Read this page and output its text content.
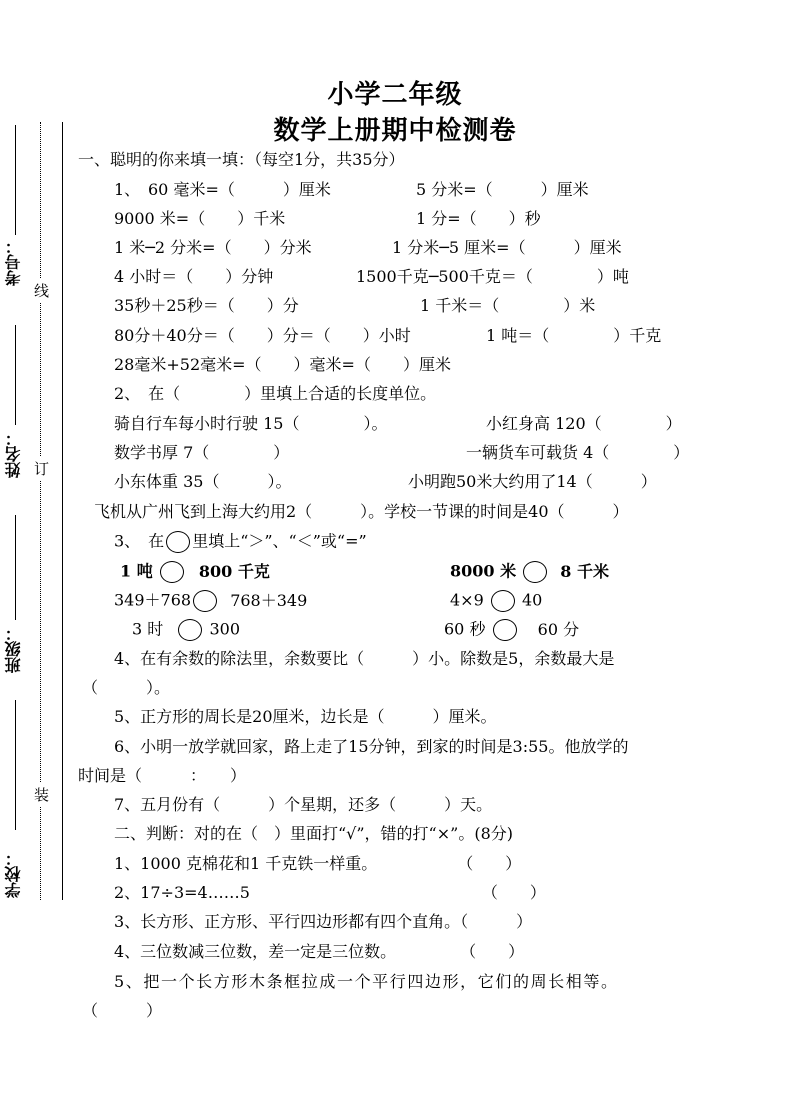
考号：
姓名：
班级：
学校：
线
订
装
小学二年级
数学上册期中检测卷
一、聪明的你来填一填：（每空1分，共35分）
1、 60 毫米=（　　　）厘米	5 分米=（　　　）厘米
9000 米=（　　）千米	1 分=（　　）秒
1 米─2 分米=（　　）分米	1 分米─5 厘米=（　　　）厘米
4 小时＝（　　）分钟	1500千克─500千克＝（　　　　）吨
35秒＋25秒＝（　　）分	1 千米＝（　　　　）米
80分＋40分＝（　　）分＝（　　）小时	1 吨＝（　　　　）千克
28毫米+52毫米=（　　）毫米=（　　）厘米
2、　在（　　　　）里填上合适的长度单位。
骑自行车每小时行驶 15（　　　　）。	小红身高 120（　　　　）
数学书厚 7（　　　　）	一辆货车可载货 4（　　　　）
小东体重 35（　　　）。	小明跑50米大约用了14（　　　）
飞机从广州飞到上海大约用2（　　　）。学校一节课的时间是40（　　　）
3、　在 里填上“＞”、“＜”或“=”
1 吨	800 千克	8000 米	8 千米
349＋768 768＋349	4×9 40
3 时	300	60 秒	60 分
4、在有余数的除法里，余数要比（　　　）小。除数是5，余数最大是
（　　　）。
5、正方形的周长是20厘米，边长是（　　　）厘米。
6、小明一放学就回家，路上走了15分钟，到家的时间是3:55。他放学的
时间是（　　　：　　）
7、五月份有（　　　）个星期，还多（　　　）天。
二、判断：对的在（　）里面打“√”，错的打“×”。(8分)
1、1000 克棉花和1 千克铁一样重。　　　　　　（　　）
2、17÷3=4……5　　　　　　　　　　　　　　　（　　）
3、长方形、正方形、平行四边形都有四个直角。（　　　）
4、三位数减三位数，差一定是三位数。　　　　　（　　）
5、把一个长方形木条框拉成一个平行四边形，它们的周长相等。
（　　　）
